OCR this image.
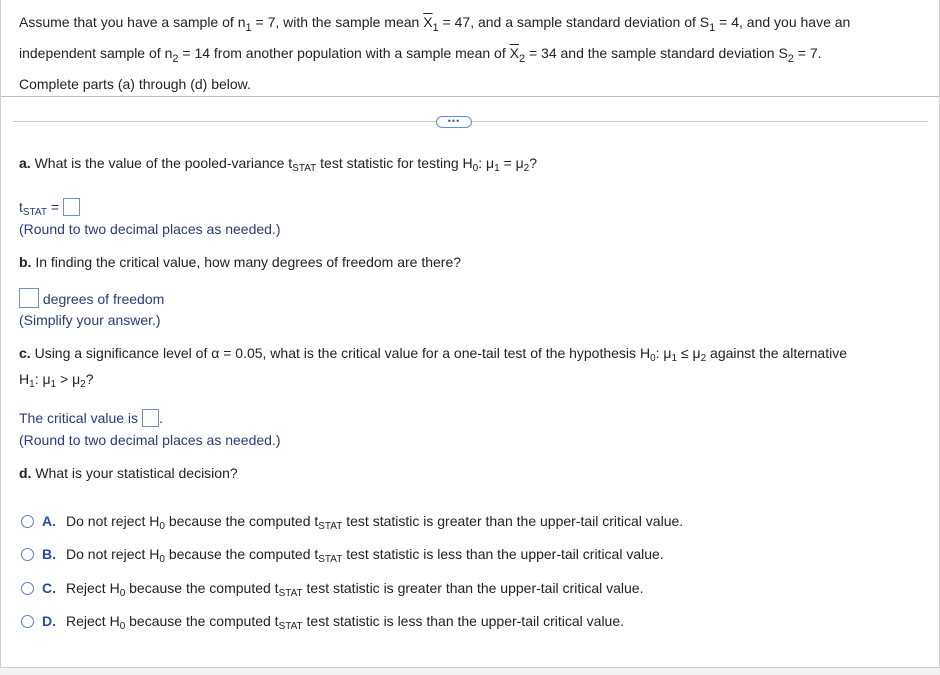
Assume that you have a sample of $n_1 = 7$, with the sample mean $\overline{X}_1 = 47$, and a sample standard deviation of $S_1 = 4$, and you have an
independent sample of $n_2 = 14$ from another population with a sample mean of $\overline{X}_2 = 34$ and the sample standard deviation $S_2 = 7$.
Complete parts (a) through (d) below.
•••
a. What is the value of the pooled-variance $t_{STAT}$ test statistic for testing $H_0$: $\mu_1 = \mu_2$?
$t_{STAT}$ =
(Round to two decimal places as needed.)
b. In finding the critical value, how many degrees of freedom are there?
degrees of freedom
(Simplify your answer.)
c. Using a significance level of α = 0.05, what is the critical value for a one-tail test of the hypothesis $H_0$: $\mu_1 \le \mu_2$ against the alternative
$H_1$: $\mu_1 > \mu_2$?
The critical value is .
(Round to two decimal places as needed.)
d. What is your statistical decision?
A. Do not reject $H_0$ because the computed $t_{STAT}$ test statistic is greater than the upper-tail critical value.
B. Do not reject $H_0$ because the computed $t_{STAT}$ test statistic is less than the upper-tail critical value.
C. Reject $H_0$ because the computed $t_{STAT}$ test statistic is greater than the upper-tail critical value.
D. Reject $H_0$ because the computed $t_{STAT}$ test statistic is less than the upper-tail critical value.
